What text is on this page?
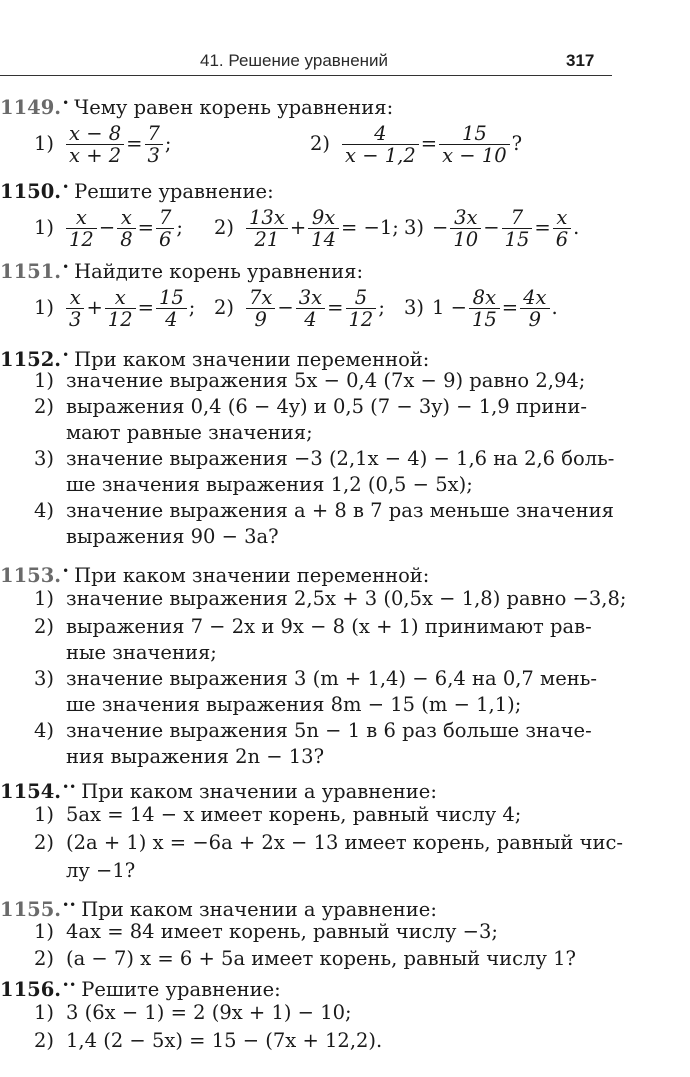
41. Решение уравнений	317
1149.• Чему равен корень уравнения:
$1) \frac{x - 8}{x + 2} = \frac{7}{3}$ ;	$2) \frac{4}{x - 1,2} = \frac{15}{x - 10}$ ?
1150.• Решите уравнение:
$1) \frac{x}{12} - \frac{x}{8} = \frac{7}{6}$ ; $2) \frac{13x}{21} + \frac{9x}{14} = -1$; $3) - \frac{3x}{10} - \frac{7}{15} = \frac{x}{6}$ .
1151.• Найдите корень уравнения:
$1) \frac{x}{3} + \frac{x}{12} = \frac{15}{4}$ ; $2) \frac{7x}{9} - \frac{3x}{4} = \frac{5}{12}$ ; 3) $1 - \frac{8x}{15} = \frac{4x}{9}$ .
1152.• При каком значении переменной:
1) значение выражения 5x − 0,4 (7x − 9) равно 2,94;
2) выражения 0,4 (6 − 4y) и 0,5 (7 − 3y) − 1,9 прини-
мают равные значения;
3) значение выражения −3 (2,1x − 4) − 1,6 на 2,6 боль-
ше значения выражения 1,2 (0,5 − 5x);
4) значение выражения a + 8 в 7 раз меньше значения
выражения 90 − 3a?
1153.• При каком значении переменной:
1) значение выражения 2,5x + 3 (0,5x − 1,8) равно −3,8;
2) выражения 7 − 2x и 9x − 8 (x + 1) принимают рав-
ные значения;
3) значение выражения 3 (m + 1,4) − 6,4 на 0,7 мень-
ше значения выражения 8m − 15 (m − 1,1);
4) значение выражения 5n − 1 в 6 раз больше значе-
ния выражения 2n − 13?
1154.•• При каком значении a уравнение:
1) 5ax = 14 − x имеет корень, равный числу 4;
2) (2a + 1) x = −6a + 2x − 13 имеет корень, равный чис-
лу −1?
1155.•• При каком значении a уравнение:
1) 4ax = 84 имеет корень, равный числу −3;
2) (a − 7) x = 6 + 5a имеет корень, равный числу 1?
1156.•• Решите уравнение:
1) 3 (6x − 1) = 2 (9x + 1) − 10;
2) 1,4 (2 − 5x) = 15 − (7x + 12,2).
